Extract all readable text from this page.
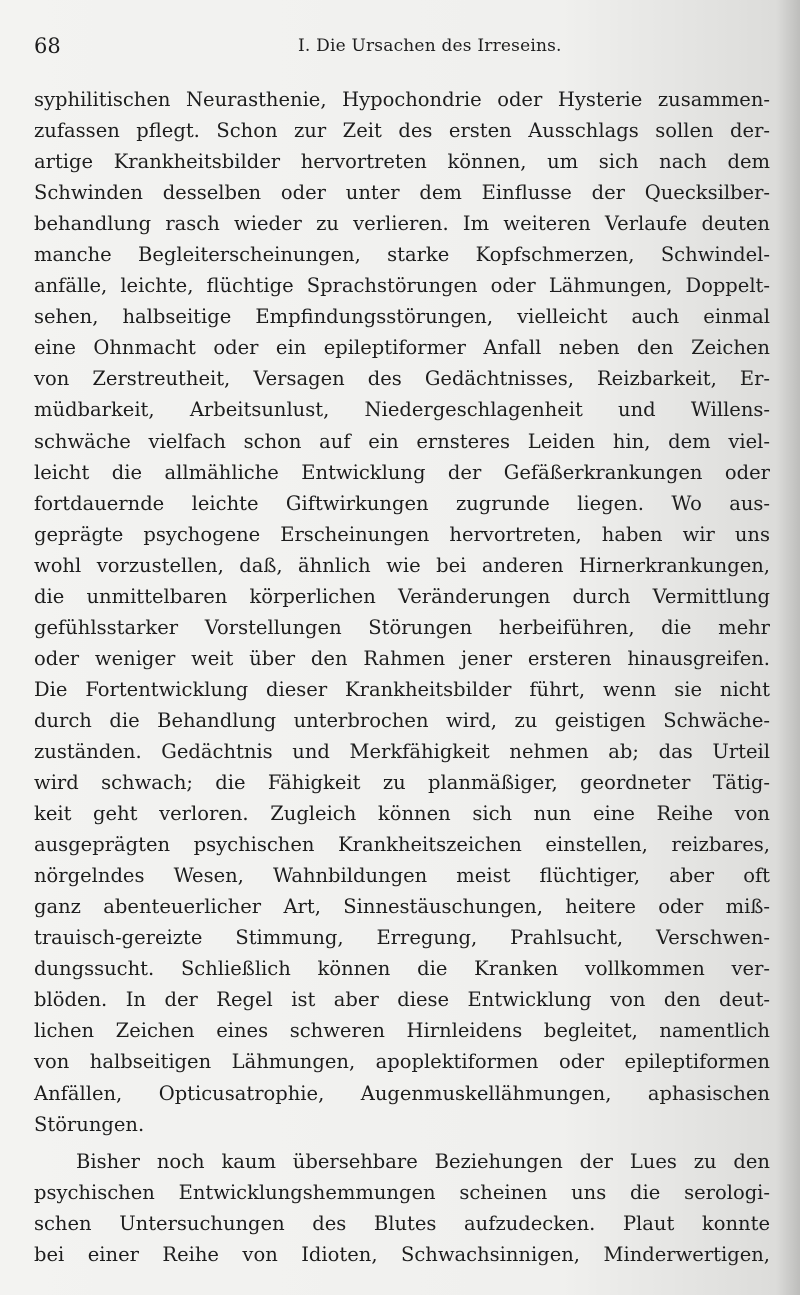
68	I. Die Ursachen des Irreseins.
syphilitischen Neurasthenie, Hypochondrie oder Hysterie zusammen-
zufassen pflegt. Schon zur Zeit des ersten Ausschlags sollen der-
artige Krankheitsbilder hervortreten können, um sich nach dem
Schwinden desselben oder unter dem Einflusse der Quecksilber-
behandlung rasch wieder zu verlieren. Im weiteren Verlaufe deuten
manche Begleiterscheinungen, starke Kopfschmerzen, Schwindel-
anfälle, leichte, flüchtige Sprachstörungen oder Lähmungen, Doppelt-
sehen, halbseitige Empfindungsstörungen, vielleicht auch einmal
eine Ohnmacht oder ein epileptiformer Anfall neben den Zeichen
von Zerstreutheit, Versagen des Gedächtnisses, Reizbarkeit, Er-
müdbarkeit, Arbeitsunlust, Niedergeschlagenheit und Willens-
schwäche vielfach schon auf ein ernsteres Leiden hin, dem viel-
leicht die allmähliche Entwicklung der Gefäßerkrankungen oder
fortdauernde leichte Giftwirkungen zugrunde liegen. Wo aus-
geprägte psychogene Erscheinungen hervortreten, haben wir uns
wohl vorzustellen, daß, ähnlich wie bei anderen Hirnerkrankungen,
die unmittelbaren körperlichen Veränderungen durch Vermittlung
gefühlsstarker Vorstellungen Störungen herbeiführen, die mehr
oder weniger weit über den Rahmen jener ersteren hinausgreifen.
Die Fortentwicklung dieser Krankheitsbilder führt, wenn sie nicht
durch die Behandlung unterbrochen wird, zu geistigen Schwäche-
zuständen. Gedächtnis und Merkfähigkeit nehmen ab; das Urteil
wird schwach; die Fähigkeit zu planmäßiger, geordneter Tätig-
keit geht verloren. Zugleich können sich nun eine Reihe von
ausgeprägten psychischen Krankheitszeichen einstellen, reizbares,
nörgelndes Wesen, Wahnbildungen meist flüchtiger, aber oft
ganz abenteuerlicher Art, Sinnestäuschungen, heitere oder miß-
trauisch-gereizte Stimmung, Erregung, Prahlsucht, Verschwen-
dungssucht. Schließlich können die Kranken vollkommen ver-
blöden. In der Regel ist aber diese Entwicklung von den deut-
lichen Zeichen eines schweren Hirnleidens begleitet, namentlich
von halbseitigen Lähmungen, apoplektiformen oder epileptiformen
Anfällen, Opticusatrophie, Augenmuskellähmungen, aphasischen
Störungen.
Bisher noch kaum übersehbare Beziehungen der Lues zu den
psychischen Entwicklungshemmungen scheinen uns die serologi-
schen Untersuchungen des Blutes aufzudecken. Plaut konnte
bei einer Reihe von Idioten, Schwachsinnigen, Minderwertigen,
